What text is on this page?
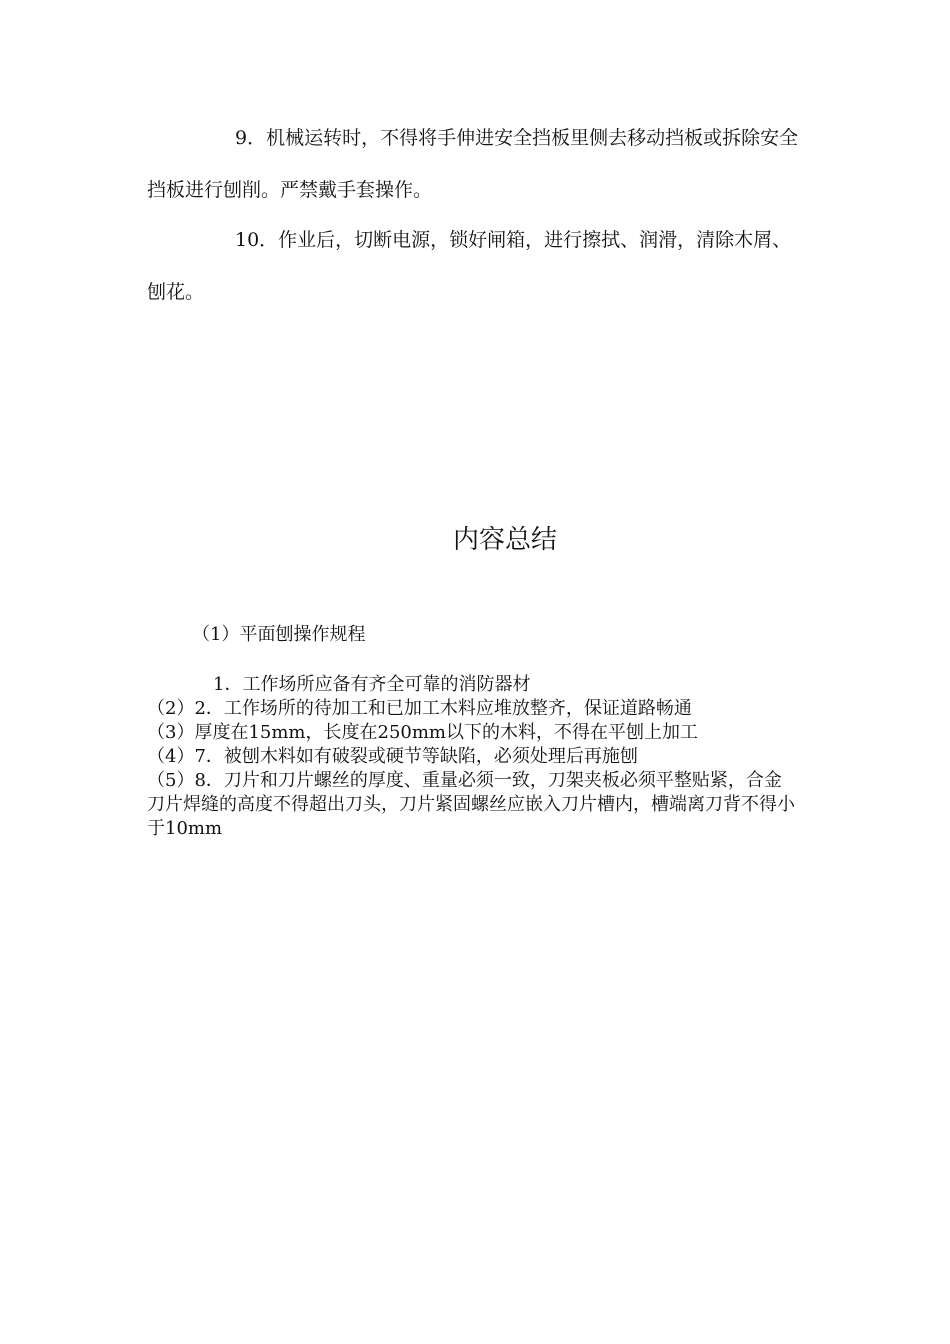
9．机械运转时，不得将手伸进安全挡板里侧去移动挡板或拆除安全挡板进行刨削。严禁戴手套操作。

10．作业后，切断电源，锁好闸箱，进行擦拭、润滑，清除木屑、刨花。

内容总结

（1）平面刨操作规程

1．工作场所应备有齐全可靠的消防器材
（2）2．工作场所的待加工和已加工木料应堆放整齐，保证道路畅通
（3）厚度在15mm，长度在250mm以下的木料，不得在平刨上加工
（4）7．被刨木料如有破裂或硬节等缺陷，必须处理后再施刨
（5）8．刀片和刀片螺丝的厚度、重量必须一致，刀架夹板必须平整贴紧，合金刀片焊缝的高度不得超出刀头，刀片紧固螺丝应嵌入刀片槽内，槽端离刀背不得小于10mm
